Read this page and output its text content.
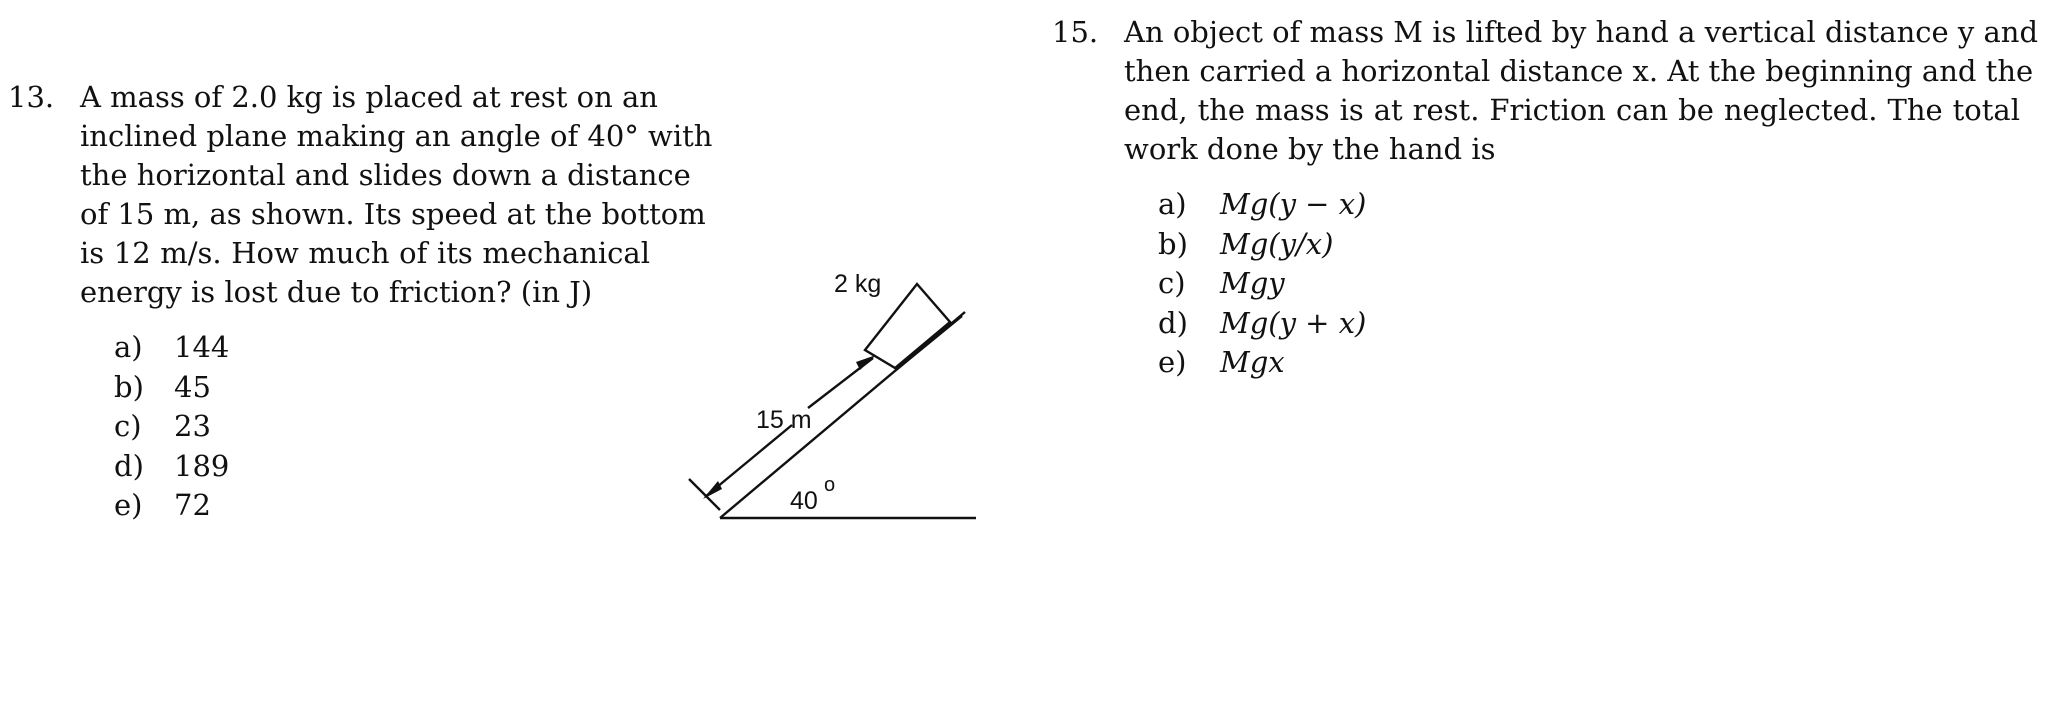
13. A mass of 2.0 kg is placed at rest on an
inclined plane making an angle of 40° with
the horizontal and slides down a distance
of 15 m, as shown. Its speed at the bottom
is 12 m/s. How much of its mechanical
energy is lost due to friction? (in J)
a) 144
b) 45
c) 23
d) 189
e) 72
2 kg
15 m
40
o
15. An object of mass M is lifted by hand a vertical distance y and
then carried a horizontal distance x. At the beginning and the
end, the mass is at rest. Friction can be neglected. The total
work done by the hand is
a) Mg(y − x)
b) Mg(y/x)
c) Mgy
d) Mg(y + x)
e) Mgx
